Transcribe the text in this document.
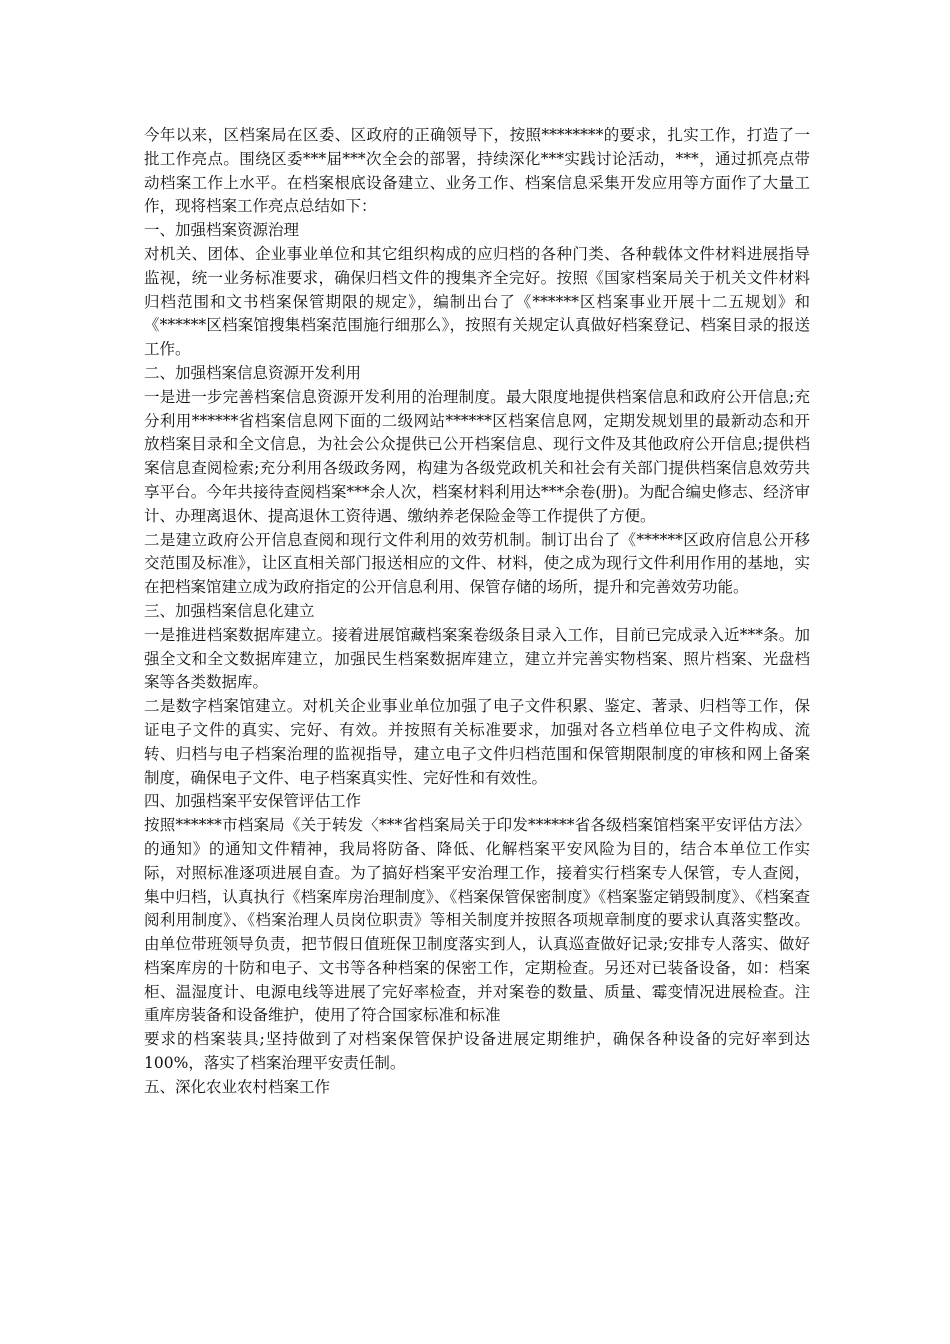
今年以来，区档案局在区委、区政府的正确领导下，按照********的要求，扎实工作，打造了一批工作亮点。围绕区委***届***次全会的部署，持续深化***实践讨论活动，***，通过抓亮点带动档案工作上水平。在档案根底设备建立、业务工作、档案信息采集开发应用等方面作了大量工作，现将档案工作亮点总结如下：

一、加强档案资源治理

对机关、团体、企业事业单位和其它组织构成的应归档的各种门类、各种载体文件材料进展指导监视，统一业务标准要求，确保归档文件的搜集齐全完好。按照《国家档案局关于机关文件材料归档范围和文书档案保管期限的规定》，编制出台了《******区档案事业开展十二五规划》和《******区档案馆搜集档案范围施行细那么》，按照有关规定认真做好档案登记、档案目录的报送工作。

二、加强档案信息资源开发利用

一是进一步完善档案信息资源开发利用的治理制度。最大限度地提供档案信息和政府公开信息;充分利用******省档案信息网下面的二级网站******区档案信息网，定期发规划里的最新动态和开放档案目录和全文信息，为社会公众提供已公开档案信息、现行文件及其他政府公开信息;提供档案信息查阅检索;充分利用各级政务网，构建为各级党政机关和社会有关部门提供档案信息效劳共享平台。今年共接待查阅档案***余人次，档案材料利用达***余卷(册)。为配合编史修志、经济审计、办理离退休、提高退休工资待遇、缴纳养老保险金等工作提供了方便。

二是建立政府公开信息查阅和现行文件利用的效劳机制。制订出台了《******区政府信息公开移交范围及标准》，让区直相关部门报送相应的文件、材料，使之成为现行文件利用作用的基地，实在把档案馆建立成为政府指定的公开信息利用、保管存储的场所，提升和完善效劳功能。

三、加强档案信息化建立

一是推进档案数据库建立。接着进展馆藏档案案卷级条目录入工作，目前已完成录入近***条。加强全文和全文数据库建立，加强民生档案数据库建立，建立并完善实物档案、照片档案、光盘档案等各类数据库。

二是数字档案馆建立。对机关企业事业单位加强了电子文件积累、鉴定、著录、归档等工作，保证电子文件的真实、完好、有效。并按照有关标准要求，加强对各立档单位电子文件构成、流转、归档与电子档案治理的监视指导，建立电子文件归档范围和保管期限制度的审核和网上备案制度，确保电子文件、电子档案真实性、完好性和有效性。

四、加强档案平安保管评估工作

按照******市档案局《关于转发〈***省档案局关于印发******省各级档案馆档案平安评估方法〉的通知》的通知文件精神，我局将防备、降低、化解档案平安风险为目的，结合本单位工作实际，对照标准逐项进展自查。为了搞好档案平安治理工作，接着实行档案专人保管，专人查阅，集中归档，认真执行《档案库房治理制度》、《档案保管保密制度》《档案鉴定销毁制度》、《档案查阅利用制度》、《档案治理人员岗位职责》等相关制度并按照各项规章制度的要求认真落实整改。由单位带班领导负责，把节假日值班保卫制度落实到人，认真巡查做好记录;安排专人落实、做好档案库房的十防和电子、文书等各种档案的保密工作，定期检查。另还对已装备设备，如：档案柜、温湿度计、电源电线等进展了完好率检查，并对案卷的数量、质量、霉变情况进展检查。注重库房装备和设备维护，使用了符合国家标准和标准

要求的档案装具;坚持做到了对档案保管保护设备进展定期维护，确保各种设备的完好率到达100%，落实了档案治理平安责任制。

五、深化农业农村档案工作
